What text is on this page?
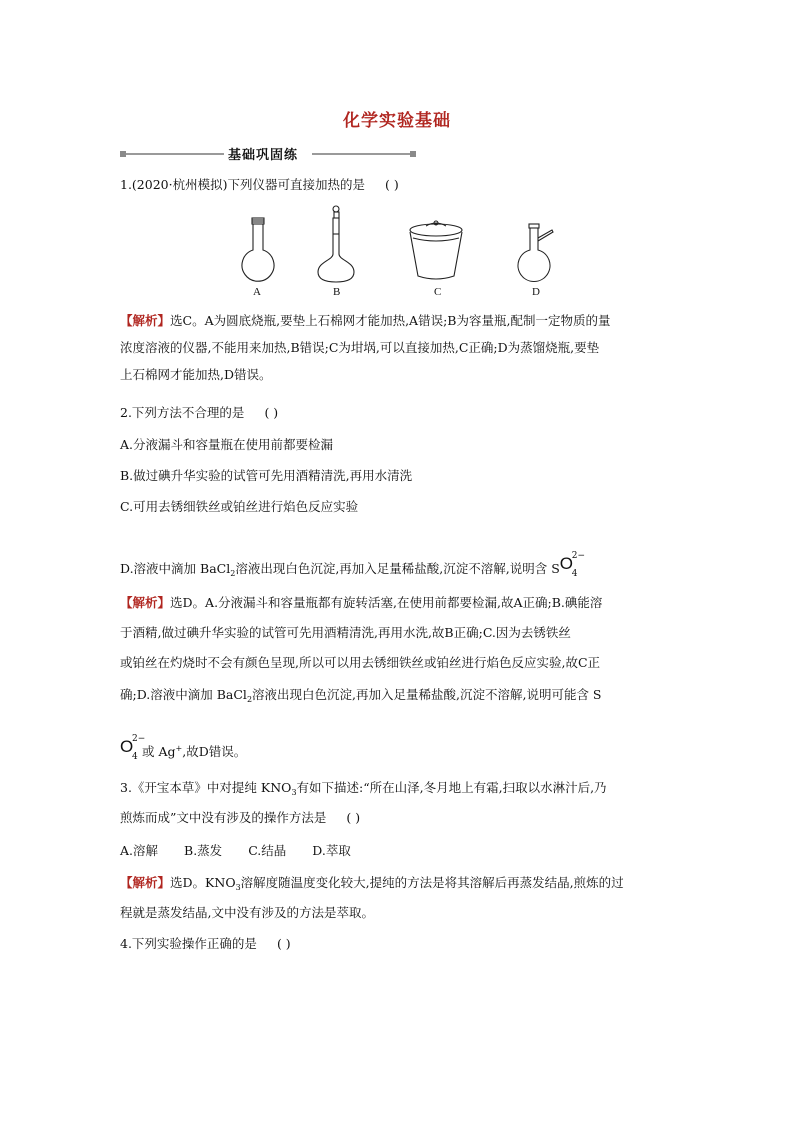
化学实验基础
基础巩固练
1.(2020·杭州模拟)下列仪器可直接加热的是 ( )
A	B	C	D
【解析】选C。A为圆底烧瓶,要垫上石棉网才能加热,A错误;B为容量瓶,配制一定物质的量
浓度溶液的仪器,不能用来加热,B错误;C为坩埚,可以直接加热,C正确;D为蒸馏烧瓶,要垫
上石棉网才能加热,D错误。
2.下列方法不合理的是 ( )
A.分液漏斗和容量瓶在使用前都要检漏
B.做过碘升华实验的试管可先用酒精清洗,再用水清洗
C.可用去锈细铁丝或铂丝进行焰色反应实验
D.溶液中滴加 BaCl$_2$溶液出现白色沉淀,再加入足量稀盐酸,沉淀不溶解,说明含 S O
2−
4
【解析】选D。A.分液漏斗和容量瓶都有旋转活塞,在使用前都要检漏,故A正确;B.碘能溶
于酒精,做过碘升华实验的试管可先用酒精清洗,再用水洗,故B正确;C.因为去锈铁丝
或铂丝在灼烧时不会有颜色呈现,所以可以用去锈细铁丝或铂丝进行焰色反应实验,故C正
确;D.溶液中滴加 BaCl$_2$溶液出现白色沉淀,再加入足量稀盐酸,沉淀不溶解,说明可能含 S
O
2−
4 或 Ag+,故D错误。
3.《开宝本草》中对提纯 $KNO_3$有如下描述:“所在山泽,冬月地上有霜,扫取以水淋汁后,乃
煎炼而成”文中没有涉及的操作方法是 ( )
A.溶解 B.蒸发 C.结晶 D.萃取
【解析】选D。$KNO_3$溶解度随温度变化较大,提纯的方法是将其溶解后再蒸发结晶,煎炼的过
程就是蒸发结晶,文中没有涉及的方法是萃取。
4.下列实验操作正确的是 ( )
